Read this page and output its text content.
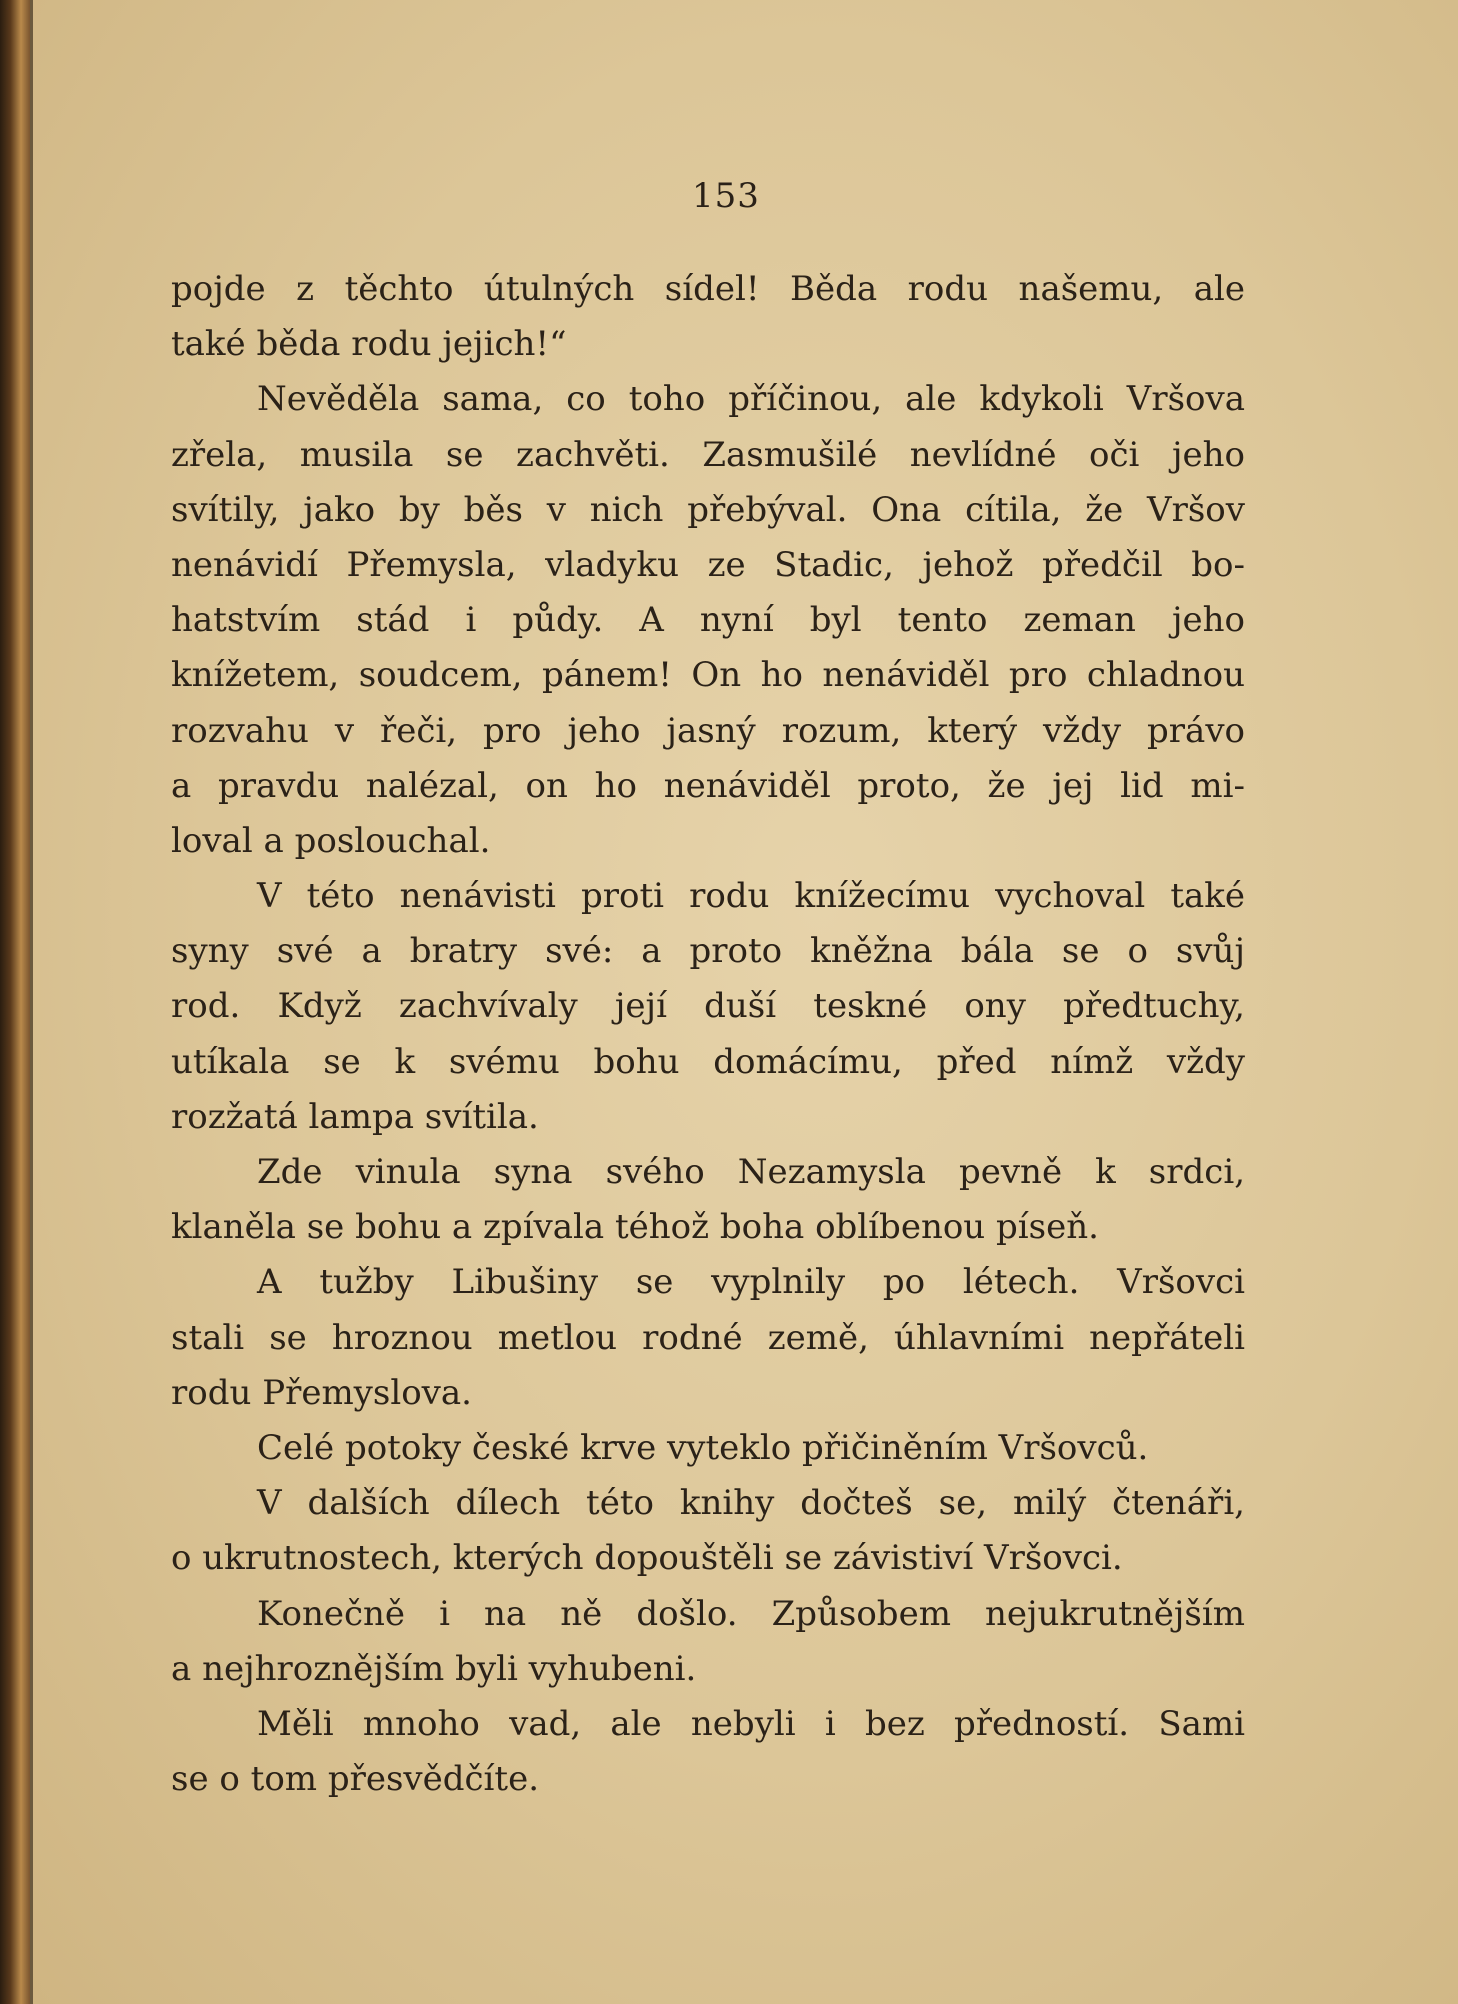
153
pojde z těchto útulných sídel! Běda rodu našemu, ale
také běda rodu jejich!“
Nevěděla sama, co toho příčinou, ale kdykoli Vršova
zřela, musila se zachvěti. Zasmušilé nevlídné oči jeho
svítily, jako by běs v nich přebýval. Ona cítila, že Vršov
nenávidí Přemysla, vladyku ze Stadic, jehož předčil bo-
hatstvím stád i půdy. A nyní byl tento zeman jeho
knížetem, soudcem, pánem! On ho nenáviděl pro chladnou
rozvahu v řeči, pro jeho jasný rozum, který vždy právo
a pravdu nalézal, on ho nenáviděl proto, že jej lid mi-
loval a poslouchal.
V této nenávisti proti rodu knížecímu vychoval také
syny své a bratry své: a proto kněžna bála se o svůj
rod. Když zachvívaly její duší teskné ony předtuchy,
utíkala se k svému bohu domácímu, před nímž vždy
rozžatá lampa svítila.
Zde vinula syna svého Nezamysla pevně k srdci,
klaněla se bohu a zpívala téhož boha oblíbenou píseň.
A tužby Libušiny se vyplnily po létech. Vršovci
stali se hroznou metlou rodné země, úhlavními nepřáteli
rodu Přemyslova.
Celé potoky české krve vyteklo přičiněním Vršovců.
V dalších dílech této knihy dočteš se, milý čtenáři,
o ukrutnostech, kterých dopouštěli se závistiví Vršovci.
Konečně i na ně došlo. Způsobem nejukrutnějším
a nejhroznějším byli vyhubeni.
Měli mnoho vad, ale nebyli i bez předností. Sami
se o tom přesvědčíte.
